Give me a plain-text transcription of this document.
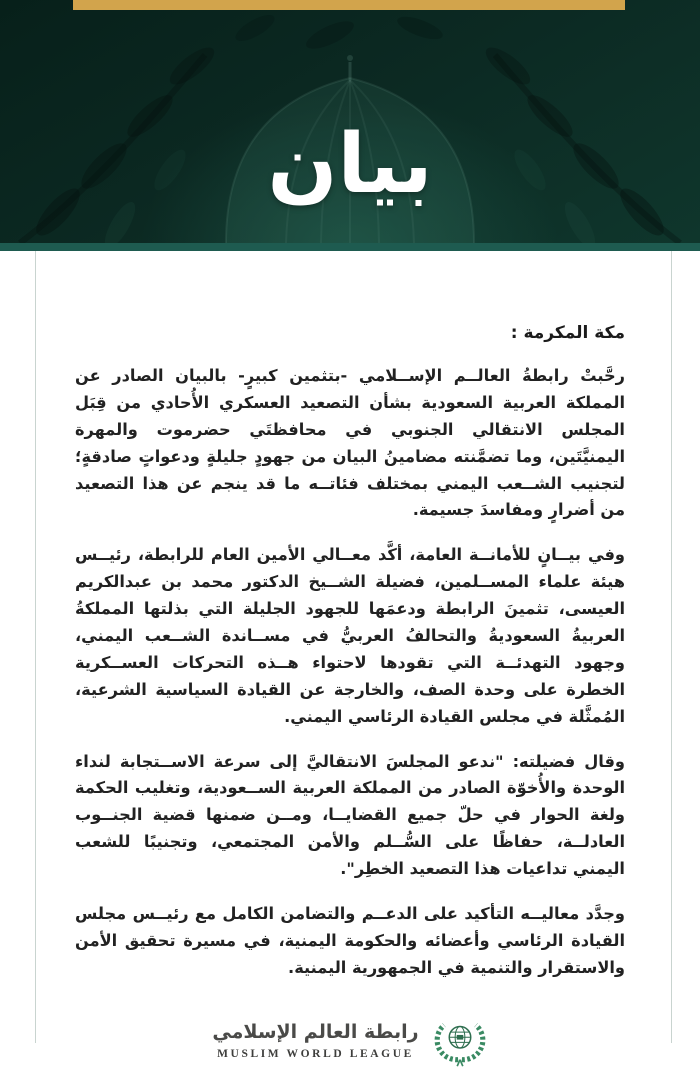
بيان
مكة المكرمة :

رحَّبتْ رابطةُ العالــم الإســلامي -بتثمين كبيرٍ- بالبيان الصادر عن المملكة العربية السعودية بشأن التصعيد العسكري الأُحادي من قِبَل المجلس الانتقالي الجنوبي في محافظتَي حضرموت والمهرة اليمنيَّتَين، وما تضمَّنته مضامينُ البيان من جهودٍ جليلةٍ ودعواتٍ صادقةٍ؛ لتجنيب الشــعب اليمني بمختلف فئاتــه ما قد ينجم عن هذا التصعيد من أضرارٍ ومفاسدَ جسيمة.

وفي بيــانٍ للأمانــة العامة، أكَّد معــالي الأمين العام للرابطة، رئيــس هيئة علماء المســلمين، فضيلة الشــيخ الدكتور محمد بن عبدالكريم العيسى، تثمينَ الرابطة ودعمَها للجهود الجليلة التي بذلتها المملكةُ العربيةُ السعوديةُ والتحالفُ العربيُّ في مســاندة الشــعب اليمني، وجهود التهدئــة التي تقودها لاحتواء هــذه التحركات العســكرية الخطرة على وحدة الصف، والخارجة عن القيادة السياسية الشرعية، المُمثَّلة في مجلس القيادة الرئاسي اليمني.

وقال فضيلته: "ندعو المجلسَ الانتقاليَّ إلى سرعة الاســتجابة لنداء الوحدة والأُخوّة الصادر من المملكة العربية الســعودية، وتغليب الحكمة ولغة الحوار في حلّ جميع القضايــا، ومــن ضمنها قضية الجنــوب العادلــة، حفاظًا على السُّــلم والأمن المجتمعي، وتجنيبًا للشعب اليمني تداعيات هذا التصعيد الخطِر".

وجدَّد معاليــه التأكيد على الدعــم والتضامن الكامل مع رئيــس مجلس القيادة الرئاسي وأعضائه والحكومة اليمنية، في مسيرة تحقيق الأمن والاستقرار والتنمية في الجمهورية اليمنية.

رابطة العالم الإسلامي
MUSLIM WORLD LEAGUE
